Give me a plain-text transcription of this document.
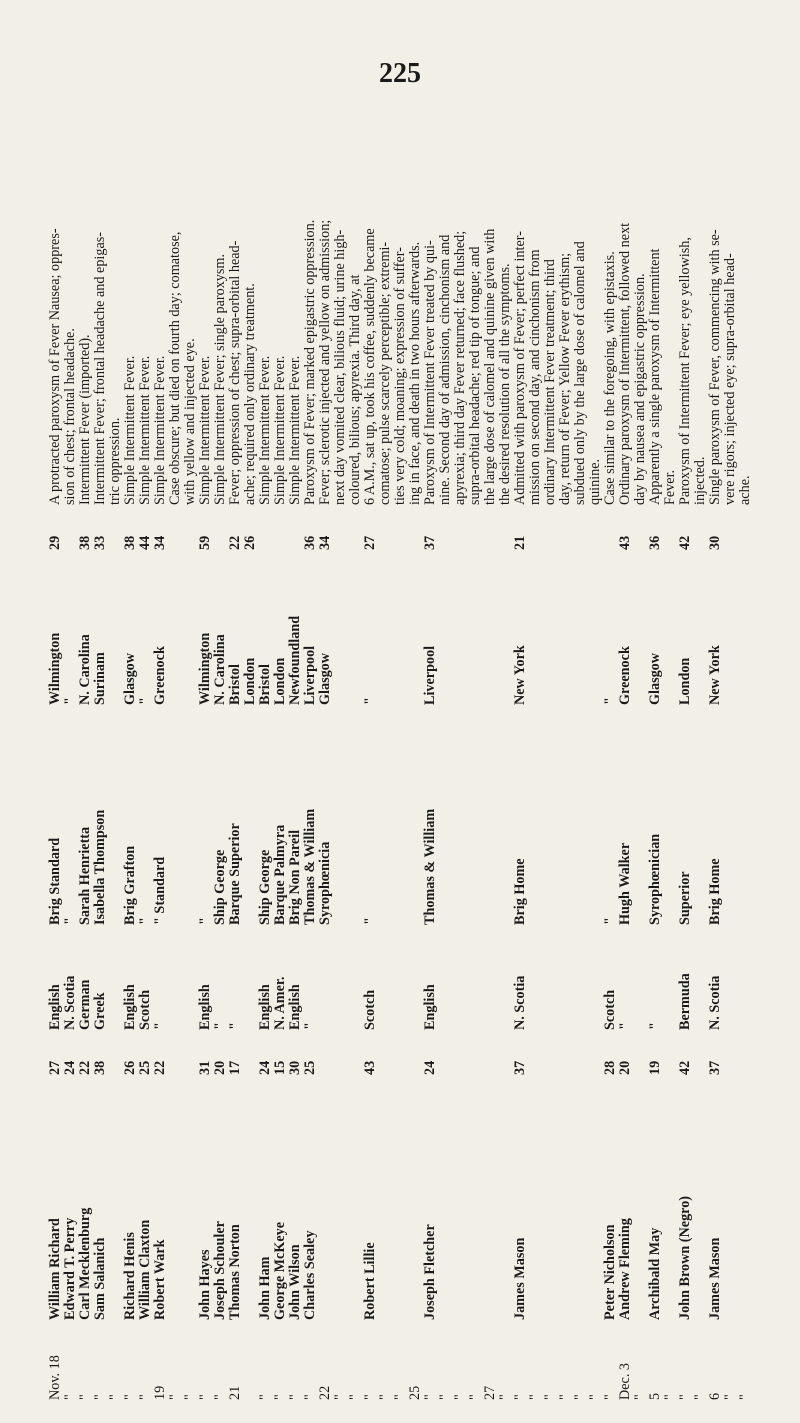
225
Nov. 18
William Richard
27
English
Brig Standard
Wilmington
29
A protracted paroxysm of Fever Nausea; oppres-
"
Edward T. Perry
24
N. Scotia
"
"
sion of chest; frontal headache.
"
Carl Mecklenburg
22
German
Sarah Henrietta
N. Carolina
38
Intermittent Fever (imported).
"
Sam Salanich
38
Greek
Isabella Thompson
Surinam
33
Intermittent Fever; frontal headache and epigas-
"
tric oppression.
"
Richard Henis
26
English
Brig Grafton
Glasgow
38
Simple Intermittent Fever.
"
William Claxton
25
Scotch
"
"
44
Simple Intermittent Fever.
19
Robert Wark
22
"
" Standard
Greenock
34
Simple Intermittent Fever.
"
Case obscure; but died on fourth day; comatose,
"
with yellow and injected eye.
"
John Hayes
31
English
"
Wilmington
59
Simple Intermittent Fever.
"
Joseph Schouler
20
"
Ship George
N. Carolina
Simple Intermittent Fever; single paroxysm.
21
Thomas Norton
17
"
Barque Superior
Bristol
22
Fever; oppression of chest; supra-orbital head-
London
26
ache; required only ordinary treatment.
"
John Ham
24
English
Ship George
Bristol
Simple Intermittent Fever.
"
George McKeye
15
N. Amer.
Barque Palmyra
London
Simple Intermittent Fever.
"
John Wilson
30
English
Brig Non Pareil
Newfoundland
Simple Intermittent Fever.
"
Charles Sealey
25
"
Thomas & William
Liverpool
36
Paroxysm of Fever; marked epigastric oppression.
22
Syrophœnicia
Glasgow
34
Fever; sclerotic injected and yellow on admission;
"
next day vomited clear, bilious fluid; urine high-
"
coloured, bilious; apyrexia. Third day, at
"
Robert Lillie
43
Scotch
"
"
27
6 A.M., sat up, took his coffee, suddenly became
"
comatose; pulse scarcely perceptible; extremi-
"
ties very cold; moaning; expression of suffer-
25
ing in face, and death in two hours afterwards.
"
Joseph Fletcher
24
English
Thomas & William
Liverpool
37
Paroxysm of Intermittent Fever treated by qui-
"
nine. Second day of admission, cinchonism and
"
apyrexia; third day Fever returned; face flushed;
"
supra-orbital headache; red tip of tongue; and
27
the large dose of calomel and quinine given with
"
the desired resolution of all the symptoms.
"
James Mason
37
N. Scotia
Brig Home
New York
21
Admitted with paroxysm of Fever; perfect inter-
"
mission on second day, and cinchonism from
"
ordinary Intermittent Fever treatment; third
"
day, return of Fever; Yellow Fever erythism;
"
subdued only by the large dose of calomel and
"
quinine.
"
Peter Nicholson
28
Scotch
"
"
Case similar to the foregoing, with epistaxis.
Dec. 3
Andrew Fleming
20
"
Hugh Walker
Greenock
43
Ordinary paroxysm of Intermittent, followed next
"
day by nausea and epigastric oppression.
5
Archibald May
19
"
Syrophœnician
Glasgow
36
Apparently a single paroxysm of Intermittent
"
Fever.
"
John Brown (Negro)
42
Bermuda
Superior
London
42
Paroxysm of Intermittent Fever; eye yellowish,
"
injected.
6
James Mason
37
N. Scotia
Brig Home
New York
30
Single paroxysm of Fever, commencing with se-
"
vere rigors; injected eye; supra-orbital head-
"
ache.
